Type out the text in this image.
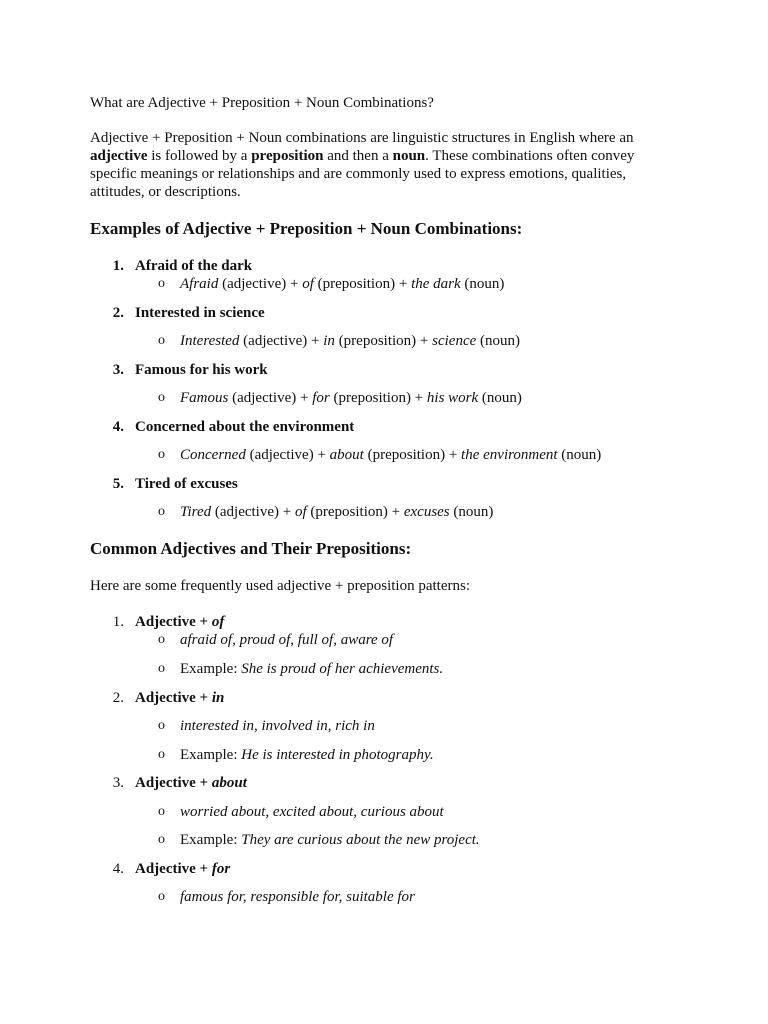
What are Adjective + Preposition + Noun Combinations?

Adjective + Preposition + Noun combinations are linguistic structures in English where an
adjective is followed by a preposition and then a noun. These combinations often convey
specific meanings or relationships and are commonly used to express emotions, qualities,
attitudes, or descriptions.

Examples of Adjective + Preposition + Noun Combinations:
1. Afraid of the dark
o Afraid (adjective) + of (preposition) + the dark (noun)
2. Interested in science
o Interested (adjective) + in (preposition) + science (noun)
3. Famous for his work
o Famous (adjective) + for (preposition) + his work (noun)
4. Concerned about the environment
o Concerned (adjective) + about (preposition) + the environment (noun)
5. Tired of excuses
o Tired (adjective) + of (preposition) + excuses (noun)
Common Adjectives and Their Prepositions:

Here are some frequently used adjective + preposition patterns:

1. Adjective + of
o afraid of, proud of, full of, aware of
o Example: She is proud of her achievements.
2. Adjective + in
o interested in, involved in, rich in
o Example: He is interested in photography.
3. Adjective + about
o worried about, excited about, curious about
o Example: They are curious about the new project.
4. Adjective + for
o famous for, responsible for, suitable for
